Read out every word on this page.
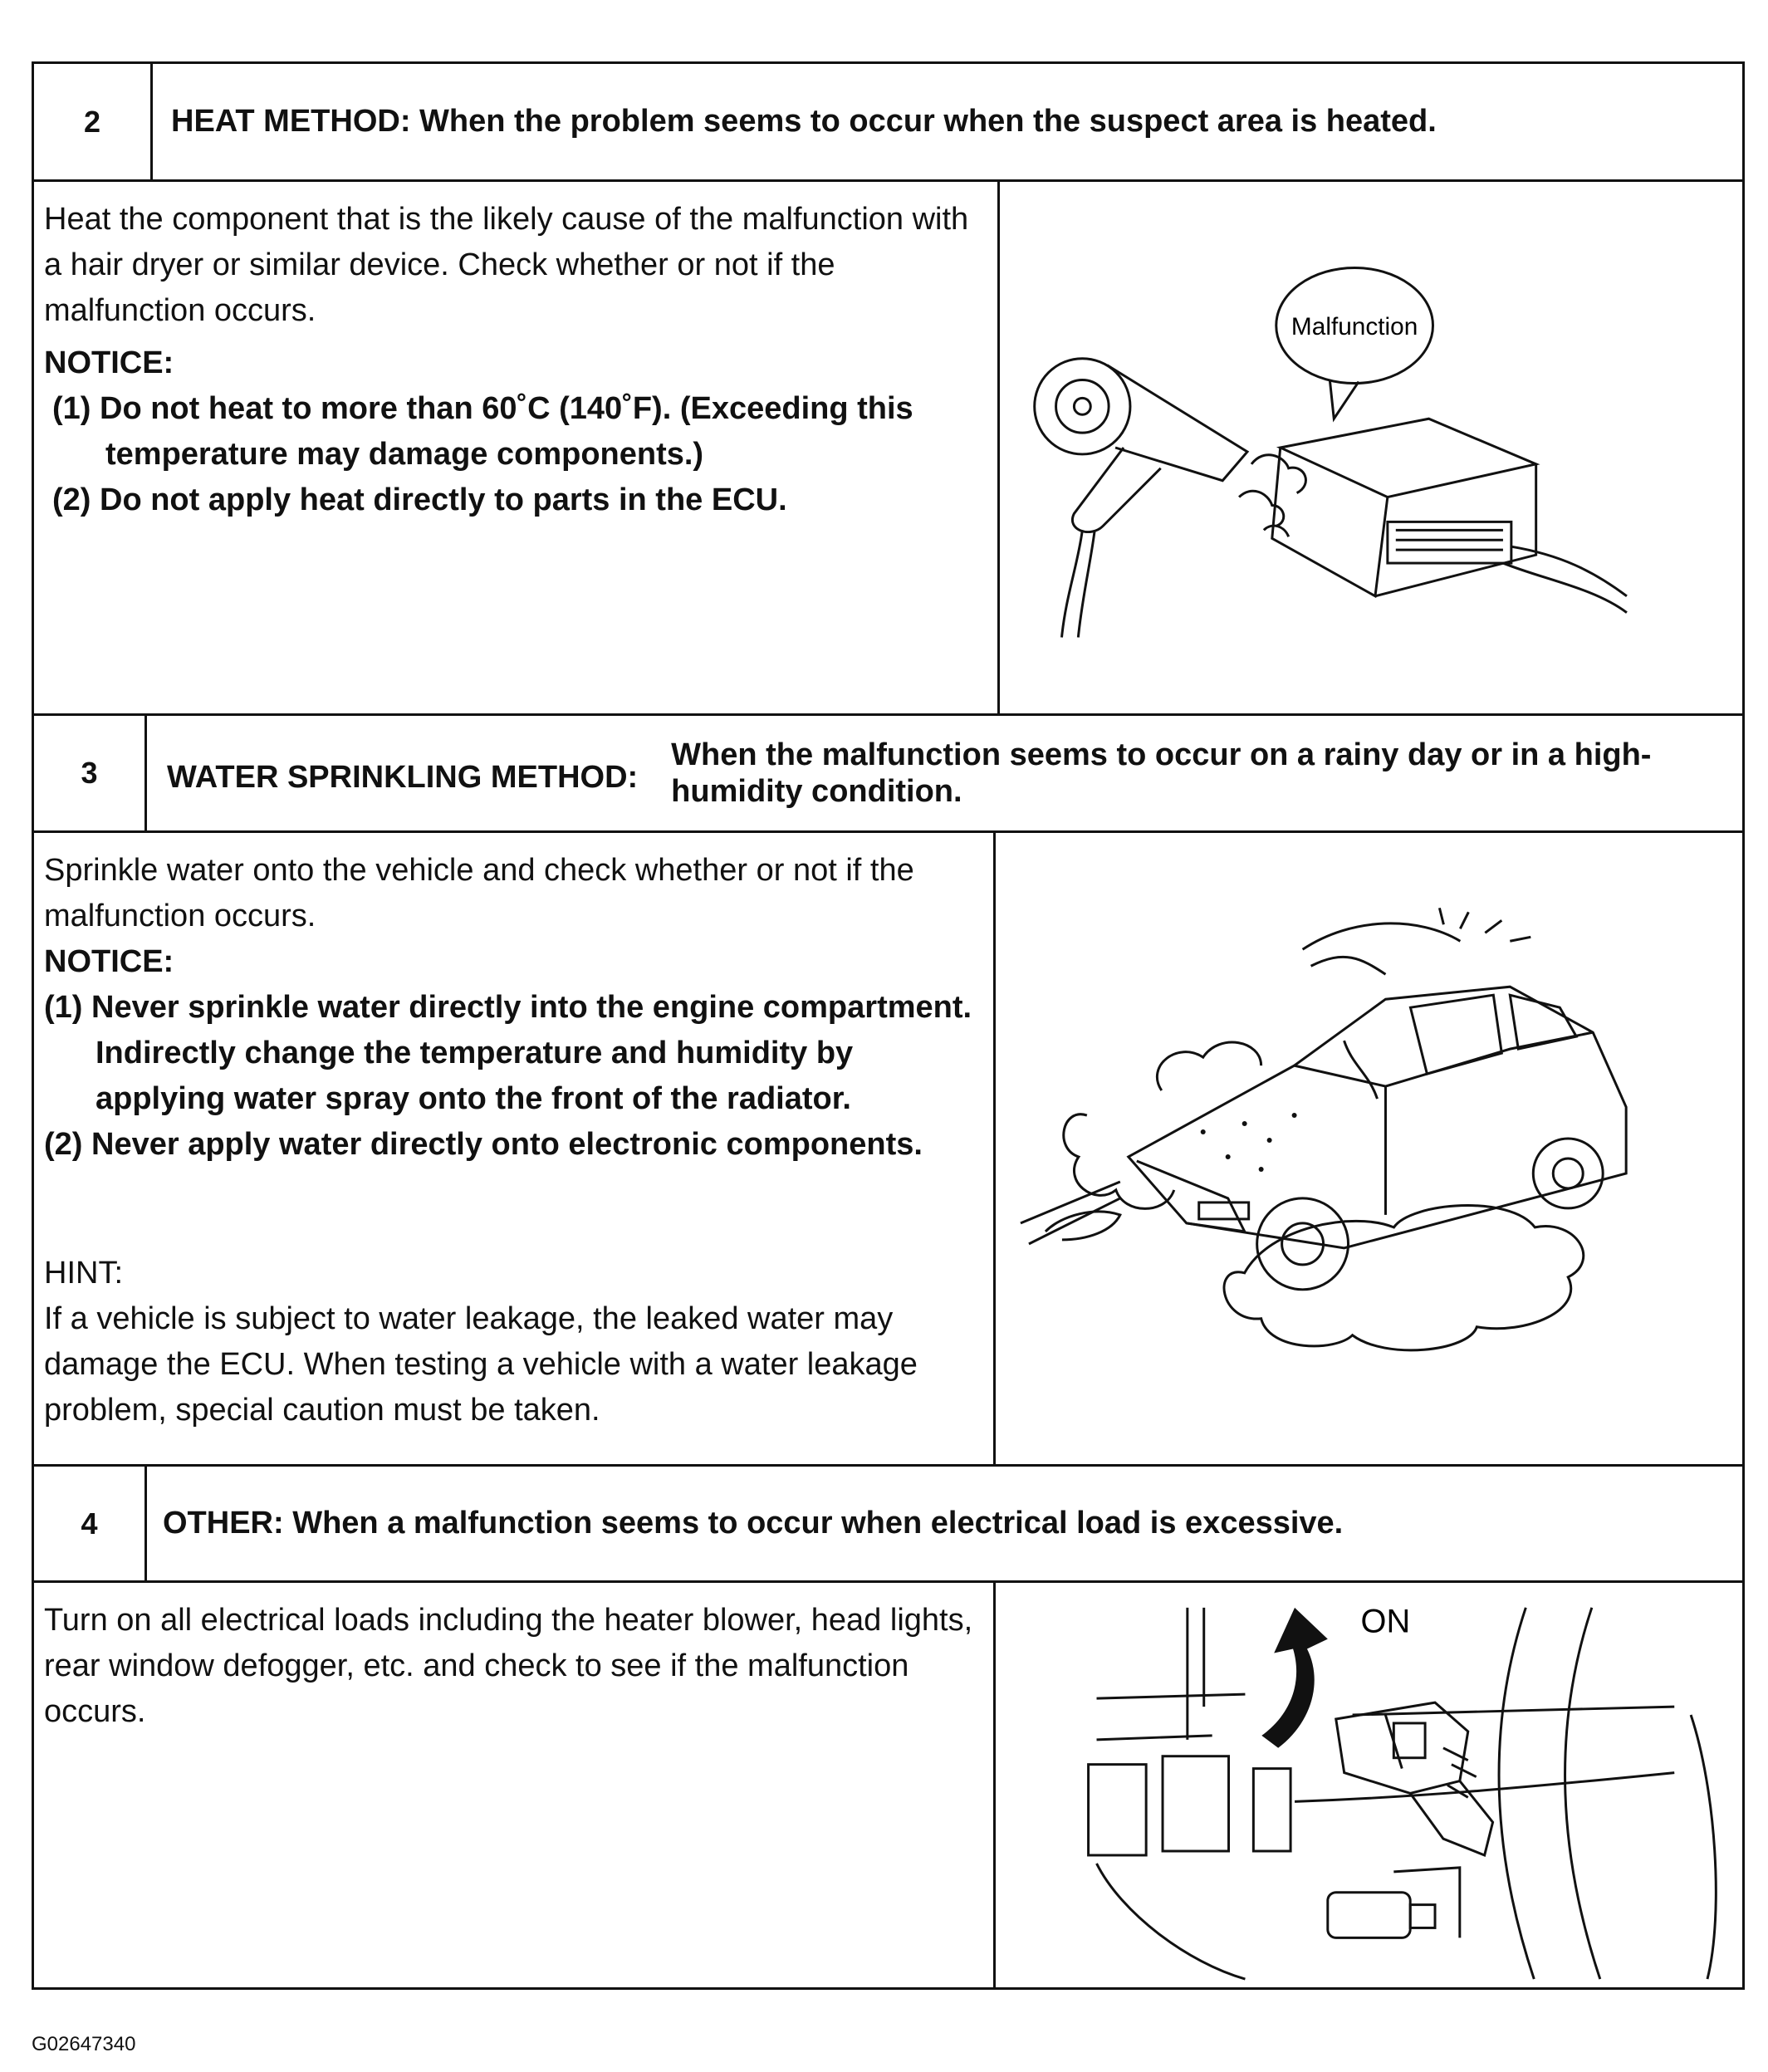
2	HEAT METHOD: When the problem seems to occur when the suspect area is heated.

Heat the component that is the likely cause of the malfunction with a hair dryer or similar device. Check whether or not if the malfunction occurs.

NOTICE:

(1) Do not heat to more than 60˚C (140˚F). (Exceeding this temperature may damage components.)

(2) Do not apply heat directly to parts in the ECU.

Malfunction
3	WATER SPRINKLING METHOD:
When the malfunction seems to occur on a rainy day or in a high-humidity condition.

Sprinkle water onto the vehicle and check whether or not if the malfunction occurs.

NOTICE:

(1) Never sprinkle water directly into the engine compartment. Indirectly change the temperature and humidity by applying water spray onto the front of the radiator.

(2) Never apply water directly onto electronic components.

HINT:

If a vehicle is subject to water leakage, the leaked water may damage the ECU. When testing a vehicle with a water leakage problem, special caution must be taken.

4	OTHER: When a malfunction seems to occur when electrical load is excessive.

Turn on all electrical loads including the heater blower, head lights, rear window defogger, etc. and check to see if the malfunction occurs.

ON
G02647340
